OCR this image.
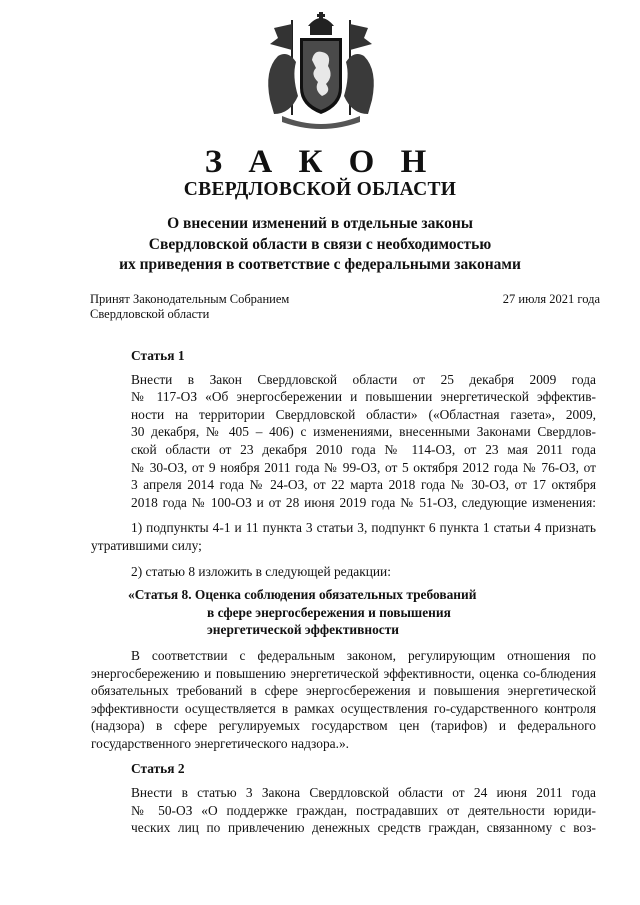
З А К О Н
СВЕРДЛОВСКОЙ ОБЛАСТИ
О внесении изменений в отдельные законы
Свердловской области в связи с необходимостью
их приведения в соответствие с федеральными законами
Принят Законодательным Собранием
Свердловской области
27 июля 2021 года
Статья 1
Внести в Закон Свердловской области от 25 декабря 2009 года
№ 117-ОЗ «Об энергосбережении и повышении энергетической эффектив-
ности на территории Свердловской области» («Областная газета», 2009,
30 декабря, № 405 – 406) с изменениями, внесенными Законами Свердлов-
ской области от 23 декабря 2010 года № 114-ОЗ, от 23 мая 2011 года
№ 30-ОЗ, от 9 ноября 2011 года № 99-ОЗ, от 5 октября 2012 года № 76-ОЗ, от
3 апреля 2014 года № 24-ОЗ, от 22 марта 2018 года № 30-ОЗ, от 17 октября
2018 года № 100-ОЗ и от 28 июня 2019 года № 51-ОЗ, следующие изменения:
1) подпункты 4-1 и 11 пункта 3 статьи 3, подпункт 6 пункта 1 статьи 4 признать утратившими силу;
2) статью 8 изложить в следующей редакции:
«Статья 8. Оценка соблюдения обязательных требований
в сфере энергосбережения и повышения
энергетической эффективности
В соответствии с федеральным законом, регулирующим отношения по энергосбережению и повышению энергетической эффективности, оценка со-блюдения обязательных требований в сфере энергосбережения и повышения энергетической эффективности осуществляется в рамках осуществления го-сударственного контроля (надзора) в сфере регулируемых государством цен (тарифов) и федерального государственного энергетического надзора.».
Статья 2
Внести в статью 3 Закона Свердловской области от 24 июня 2011 года
№ 50-ОЗ «О поддержке граждан, пострадавших от деятельности юриди-
ческих лиц по привлечению денежных средств граждан, связанному с воз-
